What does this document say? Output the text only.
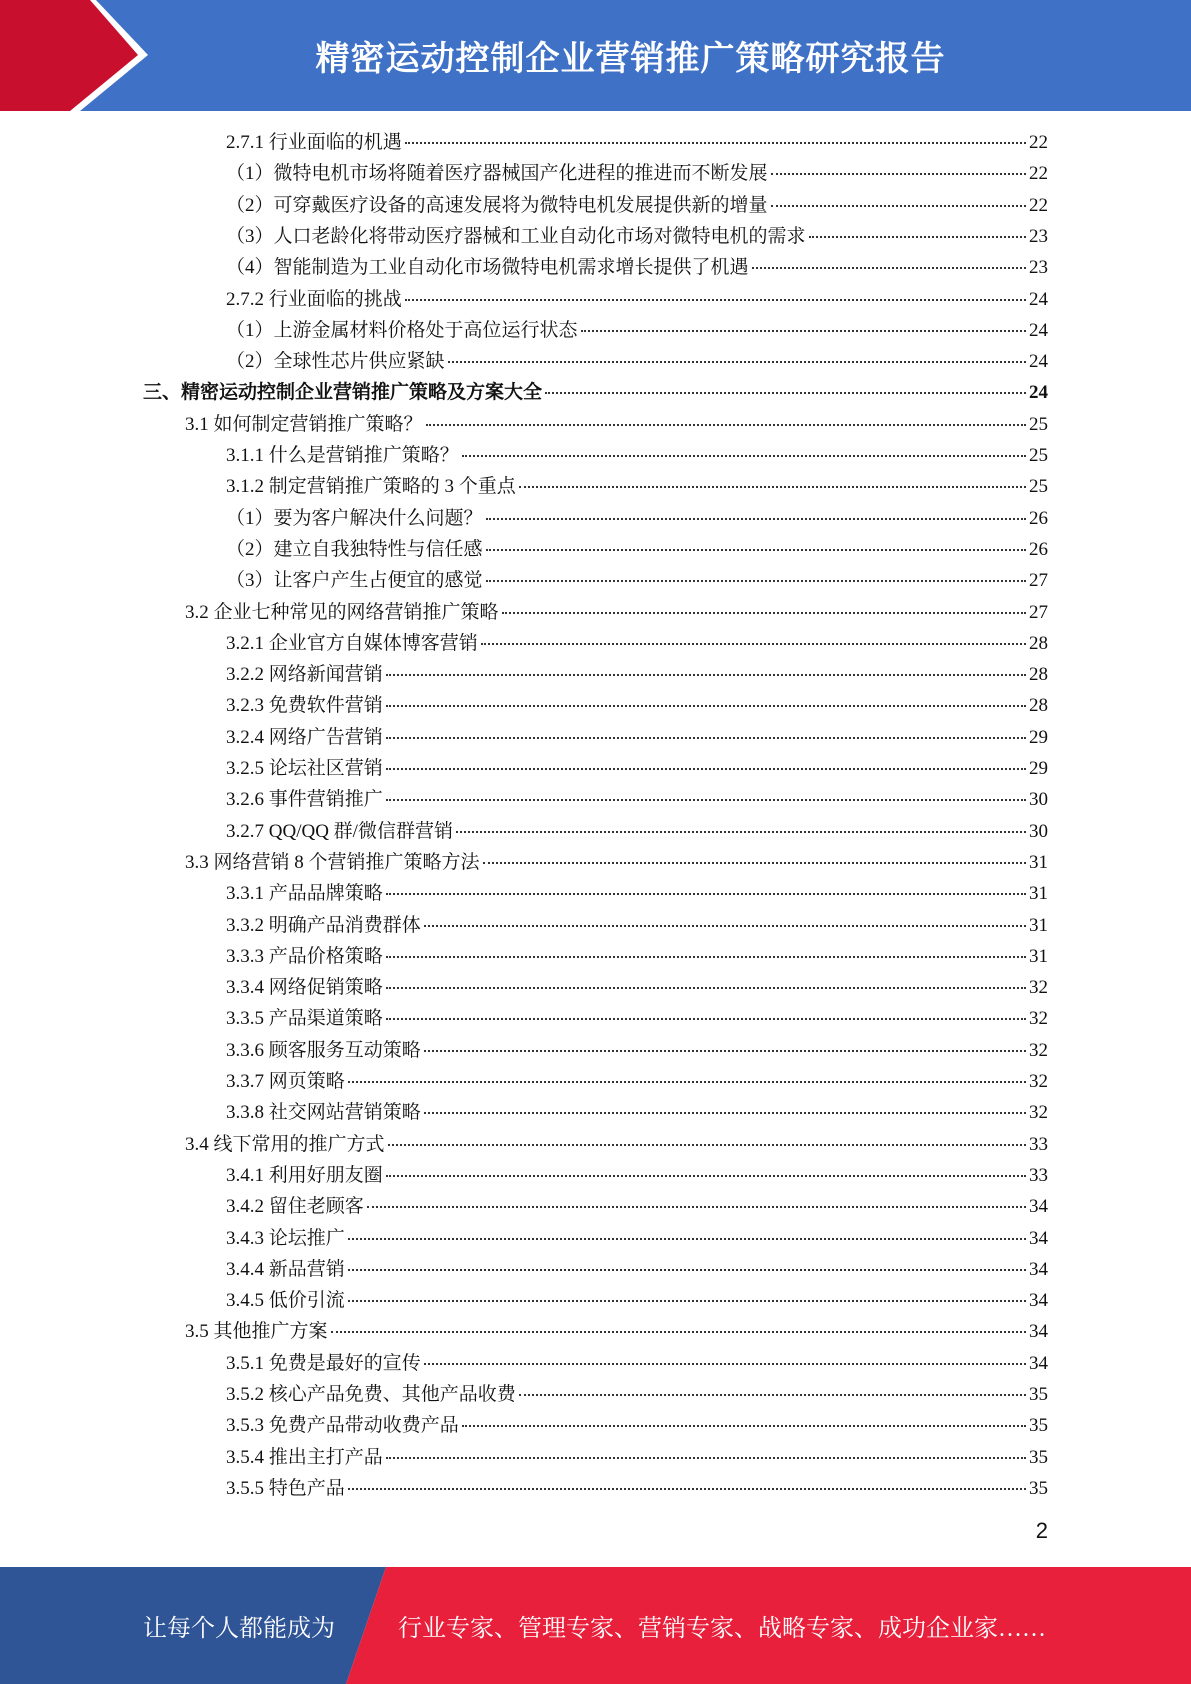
精密运动控制企业营销推广策略研究报告
2.7.1 行业面临的机遇	22
（1）微特电机市场将随着医疗器械国产化进程的推进而不断发展	22
（2）可穿戴医疗设备的高速发展将为微特电机发展提供新的增量	22
（3）人口老龄化将带动医疗器械和工业自动化市场对微特电机的需求	23
（4）智能制造为工业自动化市场微特电机需求增长提供了机遇	23
2.7.2 行业面临的挑战	24
（1）上游金属材料价格处于高位运行状态	24
（2）全球性芯片供应紧缺	24
三、精密运动控制企业营销推广策略及方案大全	24
3.1 如何制定营销推广策略？	25
3.1.1 什么是营销推广策略？	25
3.1.2 制定营销推广策略的 3 个重点	25
（1）要为客户解决什么问题？	26
（2）建立自我独特性与信任感	26
（3）让客户产生占便宜的感觉	27
3.2 企业七种常见的网络营销推广策略	27
3.2.1 企业官方自媒体博客营销	28
3.2.2 网络新闻营销	28
3.2.3 免费软件营销	28
3.2.4 网络广告营销	29
3.2.5 论坛社区营销	29
3.2.6 事件营销推广	30
3.2.7 QQ/QQ 群/微信群营销	30
3.3 网络营销 8 个营销推广策略方法	31
3.3.1 产品品牌策略	31
3.3.2 明确产品消费群体	31
3.3.3 产品价格策略	31
3.3.4 网络促销策略	32
3.3.5 产品渠道策略	32
3.3.6 顾客服务互动策略	32
3.3.7 网页策略	32
3.3.8 社交网站营销策略	32
3.4 线下常用的推广方式	33
3.4.1 利用好朋友圈	33
3.4.2 留住老顾客	34
3.4.3 论坛推广	34
3.4.4 新品营销	34
3.4.5 低价引流	34
3.5 其他推广方案	34
3.5.1 免费是最好的宣传	34
3.5.2 核心产品免费、其他产品收费	35
3.5.3 免费产品带动收费产品	35
3.5.4 推出主打产品	35
3.5.5 特色产品	35
2
让每个人都能成为	行业专家、管理专家、营销专家、战略专家、成功企业家……
